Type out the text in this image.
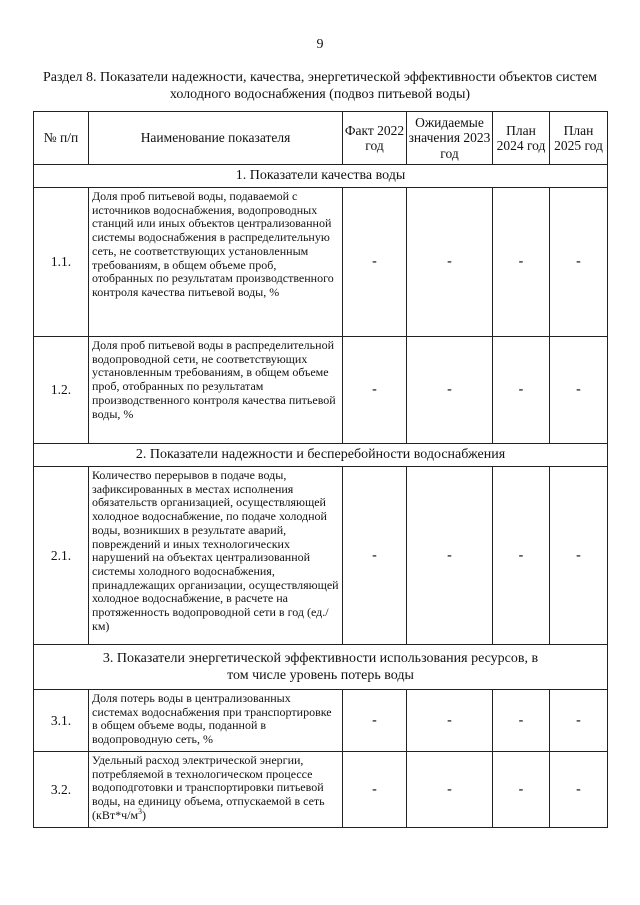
9
Раздел 8. Показатели надежности, качества, энергетической эффективности объектов систем холодного водоснабжения (подвоз питьевой воды)
№ п/п	Наименование показателя	Факт 2022 год	Ожидаемые значения 2023 год	План 2024 год	План 2025 год
1. Показатели качества воды					
1.1.	Доля проб питьевой воды, подаваемой с источников водоснабжения, водопроводных станций или иных объектов централизованной системы водоснабжения в распределительную сеть, не соответствующих установленным требованиям, в общем объеме проб, отобранных по результатам производственного контроля качества питьевой воды, %	-	-	-	-
1.2.	Доля проб питьевой воды в распределительной водопроводной сети, не соответствующих установленным требованиям, в общем объеме проб, отобранных по результатам производственного контроля качества питьевой воды, %	-	-	-	-
2. Показатели надежности и бесперебойности водоснабжения					
2.1.	Количество перерывов в подаче воды, зафиксированных в местах исполнения обязательств организацией, осуществляющей холодное водоснабжение, по подаче холодной воды, возникших в результате аварий, повреждений и иных технологических нарушений на объектах централизованной системы холодного водоснабжения, принадлежащих организации, осуществляющей холодное водоснабжение, в расчете на протяженность водопроводной сети в год (ед./км)	-	-	-	-
3. Показатели энергетической эффективности использования ресурсов, в том числе уровень потерь воды					
3.1.	Доля потерь воды в централизованных системах водоснабжения при транспортировке в общем объеме воды, поданной в водопроводную сеть, %	-	-	-	-
3.2.	Удельный расход электрической энергии, потребляемой в технологическом процессе водоподготовки и транспортировки питьевой воды, на единицу объема, отпускаемой в сеть $(кВт*ч/м^3)$	-	-	-	-
